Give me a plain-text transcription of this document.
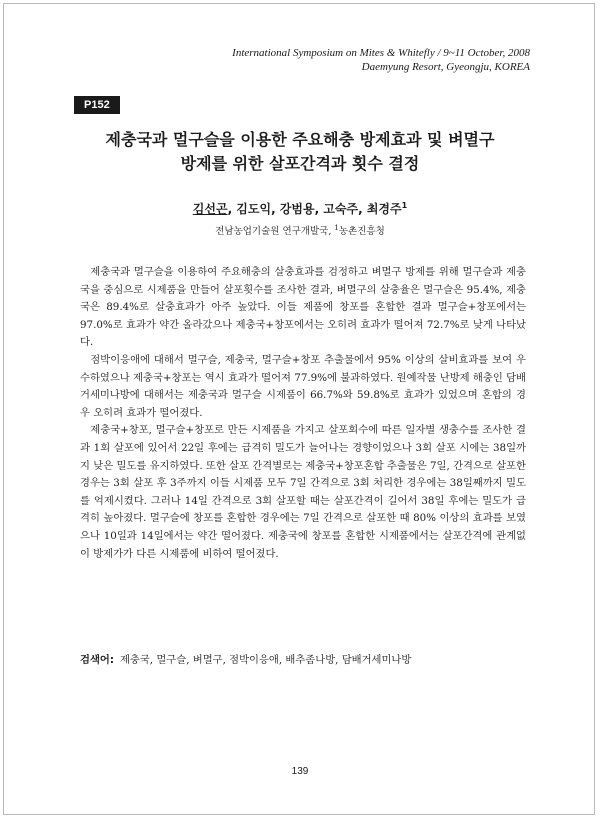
International Symposium on Mites & Whitefly / 9~11 October, 2008
Daemyung Resort, Gyeongju, KOREA
P152
제충국과 멀구슬을 이용한 주요해충 방제효과 및 벼멸구
방제를 위한 살포간격과 횟수 결정
김선곤, 김도익, 강범용, 고숙주, 최경주$^1$
전남농업기술원 연구개발국, $^1$농촌진흥청

제충국과 멀구슬을 이용하여 주요해충의 살충효과를 검정하고 벼멸구 방제를 위해 멀구슬과 제충국을 중심으로 시제품을 만들어 살포횟수를 조사한 결과, 벼멸구의 살충율은 멀구슬은 95.4%, 제충국은 89.4%로 살충효과가 아주 높았다. 이들 제품에 창포를 혼합한 결과 멀구슬+창포에서는 97.0%로 효과가 약간 올라갔으나 제충국+창포에서는 오히려 효과가 떨어져 72.7%로 낮게 나타났다.

점박이응애에 대해서 멀구슬, 제충국, 멀구슬+창포 추출물에서 95% 이상의 살비효과를 보여 우수하였으나 제충국+창포는 역시 효과가 떨어져 77.9%에 불과하였다. 원예작물 난방제 해충인 담배거세미나방에 대해서는 제충국과 멀구슬 시제품이 66.7%와 59.8%로 효과가 있었으며 혼합의 경우 오히려 효과가 떨어졌다.

제충국+창포, 멀구슬+창포로 만든 시제품을 가지고 살포회수에 따른 일자별 생충수를 조사한 결과 1회 살포에 있어서 22일 후에는 급격히 밀도가 늘어나는 경향이었으나 3회 살포 시에는 38일까지 낮은 밀도를 유지하였다. 또한 살포 간격별로는 제충국+창포혼합 추출물은 7일, 간격으로 살포한 경우는 3회 살포 후 3주까지 이들 시제품 모두 7일 간격으로 3회 처리한 경우에는 38일째까지 밀도를 억제시켰다. 그러나 14일 간격으로 3회 살포할 때는 살포간격이 길어서 38일 후에는 밀도가 급격히 높아졌다. 멀구슬에 창포를 혼합한 경우에는 7일 간격으로 살포한 때 80% 이상의 효과를 보였으나 10일과 14일에서는 약간 떨어졌다. 제충국에 창포를 혼합한 시제품에서는 살포간격에 관계없이 방제가가 다른 시제품에 비하여 떨어졌다.

검색어: 제충국, 멀구슬, 벼멸구, 점박이응애, 배추좀나방, 담배거세미나방
139
